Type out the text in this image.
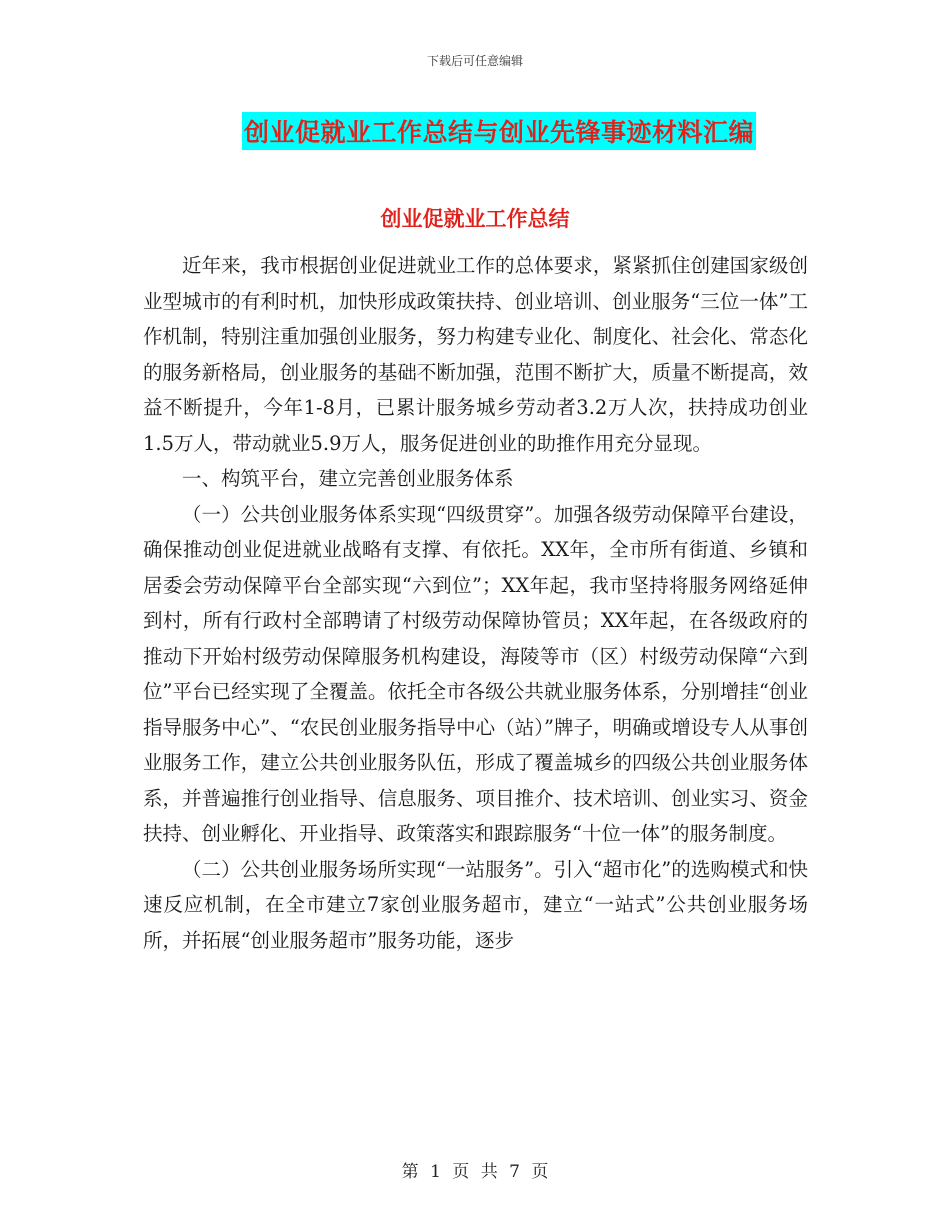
下载后可任意编辑
创业促就业工作总结与创业先锋事迹材料汇编
创业促就业工作总结

近年来，我市根据创业促进就业工作的总体要求，紧紧抓住创建国家级创业型城市的有利时机，加快形成政策扶持、创业培训、创业服务“三位一体”工作机制，特别注重加强创业服务，努力构建专业化、制度化、社会化、常态化的服务新格局，创业服务的基础不断加强，范围不断扩大，质量不断提高，效益不断提升，今年1-8月，已累计服务城乡劳动者3.2万人次，扶持成功创业1.5万人，带动就业5.9万人，服务促进创业的助推作用充分显现。

一、构筑平台，建立完善创业服务体系

（一）公共创业服务体系实现“四级贯穿”。加强各级劳动保障平台建设，确保推动创业促进就业战略有支撑、有依托。XX年，全市所有街道、乡镇和居委会劳动保障平台全部实现“六到位”；XX年起，我市坚持将服务网络延伸到村，所有行政村全部聘请了村级劳动保障协管员；XX年起，在各级政府的推动下开始村级劳动保障服务机构建设，海陵等市（区）村级劳动保障“六到位”平台已经实现了全覆盖。依托全市各级公共就业服务体系，分别增挂“创业指导服务中心”、“农民创业服务指导中心（站）”牌子，明确或增设专人从事创业服务工作，建立公共创业服务队伍，形成了覆盖城乡的四级公共创业服务体系，并普遍推行创业指导、信息服务、项目推介、技术培训、创业实习、资金扶持、创业孵化、开业指导、政策落实和跟踪服务“十位一体”的服务制度。

（二）公共创业服务场所实现“一站服务”。引入“超市化”的选购模式和快速反应机制，在全市建立7家创业服务超市，建立“一站式”公共创业服务场所，并拓展“创业服务超市”服务功能，逐步

第 1 页 共 7 页
